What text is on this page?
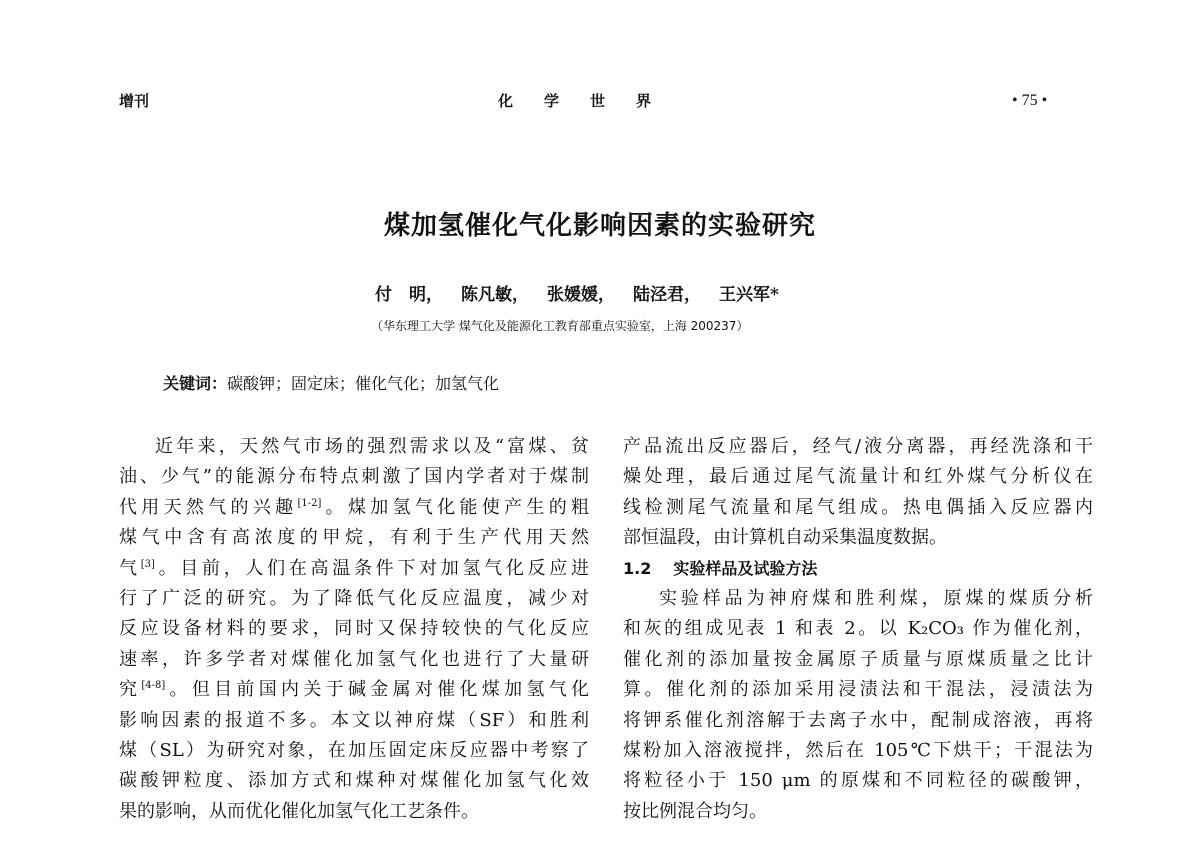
增刊	化 学 世 界	• 75 •
煤加氢催化气化影响因素的实验研究
付　明， 陈凡敏， 张媛媛， 陆泾君， 王兴军*
（华东理工大学 煤气化及能源化工教育部重点实验室，上海 200237）
关键词：碳酸钾；固定床；催化气化；加氢气化
近年来，天然气市场的强烈需求以及“富煤、贫
油、少气”的能源分布特点刺激了国内学者对于煤制
代用天然气的兴趣[1-2]。煤加氢气化能使产生的粗
煤气中含有高浓度的甲烷，有利于生产代用天然
气[3]。目前，人们在高温条件下对加氢气化反应进
行了广泛的研究。为了降低气化反应温度，减少对
反应设备材料的要求，同时又保持较快的气化反应
速率，许多学者对煤催化加氢气化也进行了大量研
究[4-8]。但目前国内关于碱金属对催化煤加氢气化
影响因素的报道不多。本文以神府煤（SF）和胜利
煤（SL）为研究对象，在加压固定床反应器中考察了
碳酸钾粒度、添加方式和煤种对煤催化加氢气化效
果的影响，从而优化催化加氢气化工艺条件。
产品流出反应器后，经气/液分离器，再经洗涤和干
燥处理，最后通过尾气流量计和红外煤气分析仪在
线检测尾气流量和尾气组成。热电偶插入反应器内
部恒温段，由计算机自动采集温度数据。
1.2 实验样品及试验方法
实验样品为神府煤和胜利煤，原煤的煤质分析
和灰的组成见表 1 和表 2。以 K₂CO₃ 作为催化剂，
催化剂的添加量按金属原子质量与原煤质量之比计
算。催化剂的添加采用浸渍法和干混法，浸渍法为
将钾系催化剂溶解于去离子水中，配制成溶液，再将
煤粉加入溶液搅拌，然后在 105℃下烘干；干混法为
将粒径小于 150 μm 的原煤和不同粒径的碳酸钾，
按比例混合均匀。
